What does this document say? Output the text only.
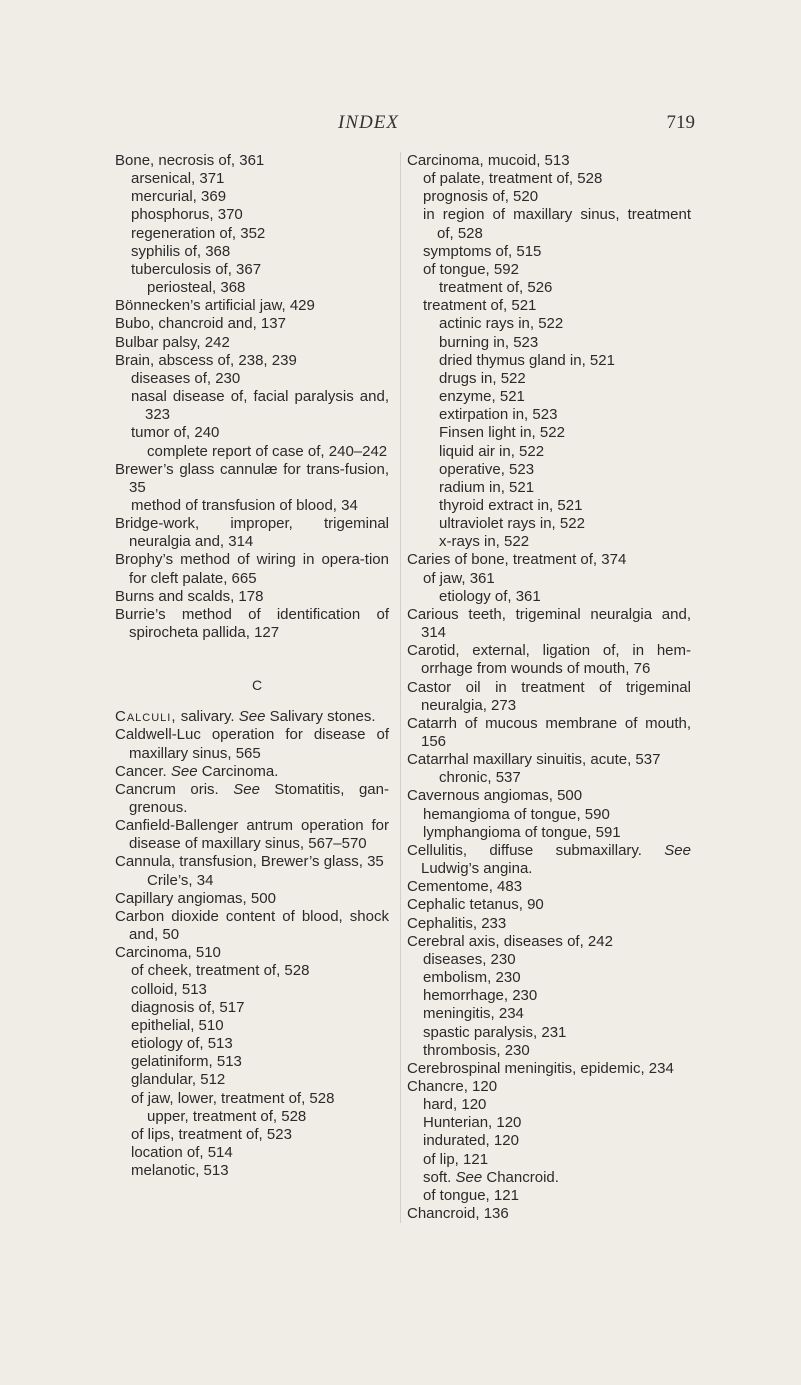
INDEX	719
Bone, necrosis of, 361
arsenical, 371
mercurial, 369
phosphorus, 370
regeneration of, 352
syphilis of, 368
tuberculosis of, 367
periosteal, 368
Bönnecken’s artificial jaw, 429
Bubo, chancroid and, 137
Bulbar palsy, 242
Brain, abscess of, 238, 239
diseases of, 230
nasal disease of, facial paralysis and, 323
tumor of, 240
complete report of case of, 240–242
Brewer’s glass cannulæ for trans-fusion, 35
method of transfusion of blood, 34
Bridge-work, improper, trigeminal neuralgia and, 314
Brophy’s method of wiring in opera-tion for cleft palate, 665
Burns and scalds, 178
Burrie’s method of identification of spirocheta pallida, 127
C
Calculi, salivary. See Salivary stones.
Caldwell-Luc operation for disease of maxillary sinus, 565
Cancer. See Carcinoma.
Cancrum oris. See Stomatitis, gan-grenous.
Canfield-Ballenger antrum operation for disease of maxillary sinus, 567–570
Cannula, transfusion, Brewer’s glass, 35
Crile’s, 34
Capillary angiomas, 500
Carbon dioxide content of blood, shock and, 50
Carcinoma, 510
of cheek, treatment of, 528
colloid, 513
diagnosis of, 517
epithelial, 510
etiology of, 513
gelatiniform, 513
glandular, 512
of jaw, lower, treatment of, 528
upper, treatment of, 528
of lips, treatment of, 523
location of, 514
melanotic, 513
Carcinoma, mucoid, 513
of palate, treatment of, 528
prognosis of, 520
in region of maxillary sinus, treatment of, 528
symptoms of, 515
of tongue, 592
treatment of, 526
treatment of, 521
actinic rays in, 522
burning in, 523
dried thymus gland in, 521
drugs in, 522
enzyme, 521
extirpation in, 523
Finsen light in, 522
liquid air in, 522
operative, 523
radium in, 521
thyroid extract in, 521
ultraviolet rays in, 522
x-rays in, 522
Caries of bone, treatment of, 374
of jaw, 361
etiology of, 361
Carious teeth, trigeminal neuralgia and, 314
Carotid, external, ligation of, in hem-orrhage from wounds of mouth, 76
Castor oil in treatment of trigeminal neuralgia, 273
Catarrh of mucous membrane of mouth, 156
Catarrhal maxillary sinuitis, acute, 537
chronic, 537
Cavernous angiomas, 500
hemangioma of tongue, 590
lymphangioma of tongue, 591
Cellulitis, diffuse submaxillary. See Ludwig’s angina.
Cementome, 483
Cephalic tetanus, 90
Cephalitis, 233
Cerebral axis, diseases of, 242
diseases, 230
embolism, 230
hemorrhage, 230
meningitis, 234
spastic paralysis, 231
thrombosis, 230
Cerebrospinal meningitis, epidemic, 234
Chancre, 120
hard, 120
Hunterian, 120
indurated, 120
of lip, 121
soft. See Chancroid.
of tongue, 121
Chancroid, 136
